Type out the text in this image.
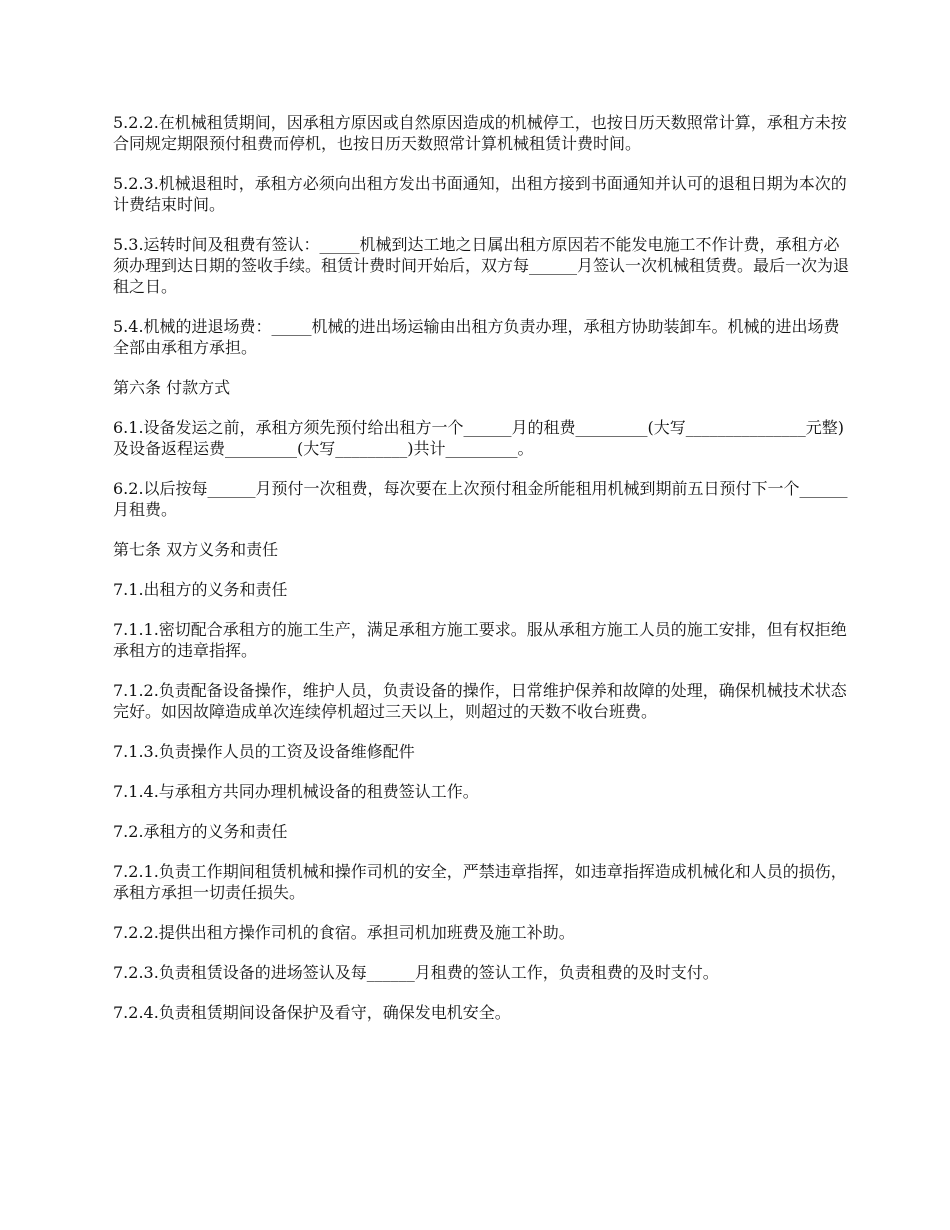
5.2.2.在机械租赁期间，因承租方原因或自然原因造成的机械停工，也按日历天数照常计算，承租方未按合同规定期限预付租费而停机，也按日历天数照常计算机械租赁计费时间。

5.2.3.机械退租时，承租方必须向出租方发出书面通知，出租方接到书面通知并认可的退租日期为本次的计费结束时间。

5.3.运转时间及租费有签认：_____机械到达工地之日属出租方原因若不能发电施工不作计费，承租方必须办理到达日期的签收手续。租赁计费时间开始后，双方每______月签认一次机械租赁费。最后一次为退租之日。

5.4.机械的进退场费：_____机械的进出场运输由出租方负责办理，承租方协助装卸车。机械的进出场费全部由承租方承担。

第六条 付款方式

6.1.设备发运之前，承租方须先预付给出租方一个______月的租费_________(大写_______________元整)及设备返程运费_________(大写_________)共计_________。

6.2.以后按每______月预付一次租费，每次要在上次预付租金所能租用机械到期前五日预付下一个______月租费。

第七条 双方义务和责任

7.1.出租方的义务和责任

7.1.1.密切配合承租方的施工生产，满足承租方施工要求。服从承租方施工人员的施工安排，但有权拒绝承租方的违章指挥。

7.1.2.负责配备设备操作，维护人员，负责设备的操作，日常维护保养和故障的处理，确保机械技术状态完好。如因故障造成单次连续停机超过三天以上，则超过的天数不收台班费。

7.1.3.负责操作人员的工资及设备维修配件

7.1.4.与承租方共同办理机械设备的租费签认工作。

7.2.承租方的义务和责任

7.2.1.负责工作期间租赁机械和操作司机的安全，严禁违章指挥，如违章指挥造成机械化和人员的损伤，承租方承担一切责任损失。

7.2.2.提供出租方操作司机的食宿。承担司机加班费及施工补助。

7.2.3.负责租赁设备的进场签认及每______月租费的签认工作，负责租费的及时支付。

7.2.4.负责租赁期间设备保护及看守，确保发电机安全。
